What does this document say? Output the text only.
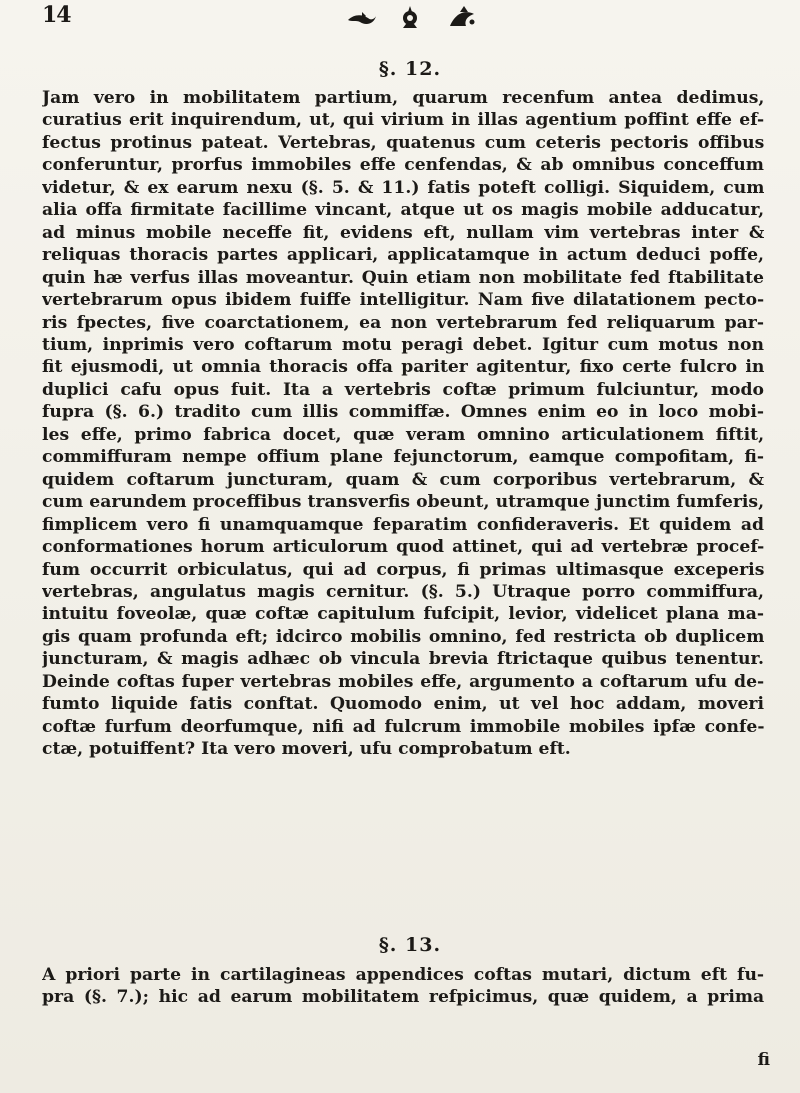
14
§. 12.
Jam vero in mobilitatem partium, quarum recenfum antea dedimus,
curatius erit inquirendum, ut, qui virium in illas agentium poffint effe ef-
fectus protinus pateat. Vertebras, quatenus cum ceteris pectoris offibus
conferuntur, prorfus immobiles effe cenfendas, & ab omnibus conceffum
videtur, & ex earum nexu (§. 5. & 11.) fatis poteft colligi. Siquidem, cum
alia offa firmitate facillime vincant, atque ut os magis mobile adducatur,
ad minus mobile neceffe fit, evidens eft, nullam vim vertebras inter &
reliquas thoracis partes applicari, applicatamque in actum deduci poffe,
quin hæ verfus illas moveantur. Quin etiam non mobilitate fed ftabilitate
vertebrarum opus ibidem fuiffe intelligitur. Nam five dilatationem pecto-
ris fpectes, five coarctationem, ea non vertebrarum fed reliquarum par-
tium, inprimis vero coftarum motu peragi debet. Igitur cum motus non
fit ejusmodi, ut omnia thoracis offa pariter agitentur, fixo certe fulcro in
duplici cafu opus fuit. Ita a vertebris coftæ primum fulciuntur, modo
fupra (§. 6.) tradito cum illis commiffæ. Omnes enim eo in loco mobi-
les effe, primo fabrica docet, quæ veram omnino articulationem fiftit,
commiffuram nempe offium plane fejunctorum, eamque compofitam, fi-
quidem coftarum juncturam, quam & cum corporibus vertebrarum, &
cum earundem proceffibus transverfis obeunt, utramque junctim fumferis,
fimplicem vero fi unamquamque feparatim confideraveris. Et quidem ad
conformationes horum articulorum quod attinet, qui ad vertebræ procef-
fum occurrit orbiculatus, qui ad corpus, fi primas ultimasque exceperis
vertebras, angulatus magis cernitur. (§. 5.) Utraque porro commiffura,
intuitu foveolæ, quæ coftæ capitulum fufcipit, levior, videlicet plana ma-
gis quam profunda eft; idcirco mobilis omnino, fed restricta ob duplicem
juncturam, & magis adhæc ob vincula brevia ftrictaque quibus tenentur.
Deinde coftas fuper vertebras mobiles effe, argumento a coftarum ufu de-
fumto liquide fatis conftat. Quomodo enim, ut vel hoc addam, moveri
coftæ furfum deorfumque, nifi ad fulcrum immobile mobiles ipfæ confe-
ctæ, potuiffent? Ita vero moveri, ufu comprobatum eft.
§. 13.
A priori parte in cartilagineas appendices coftas mutari, dictum eft fu-
pra (§. 7.); hic ad earum mobilitatem refpicimus, quæ quidem, a prima
fi
